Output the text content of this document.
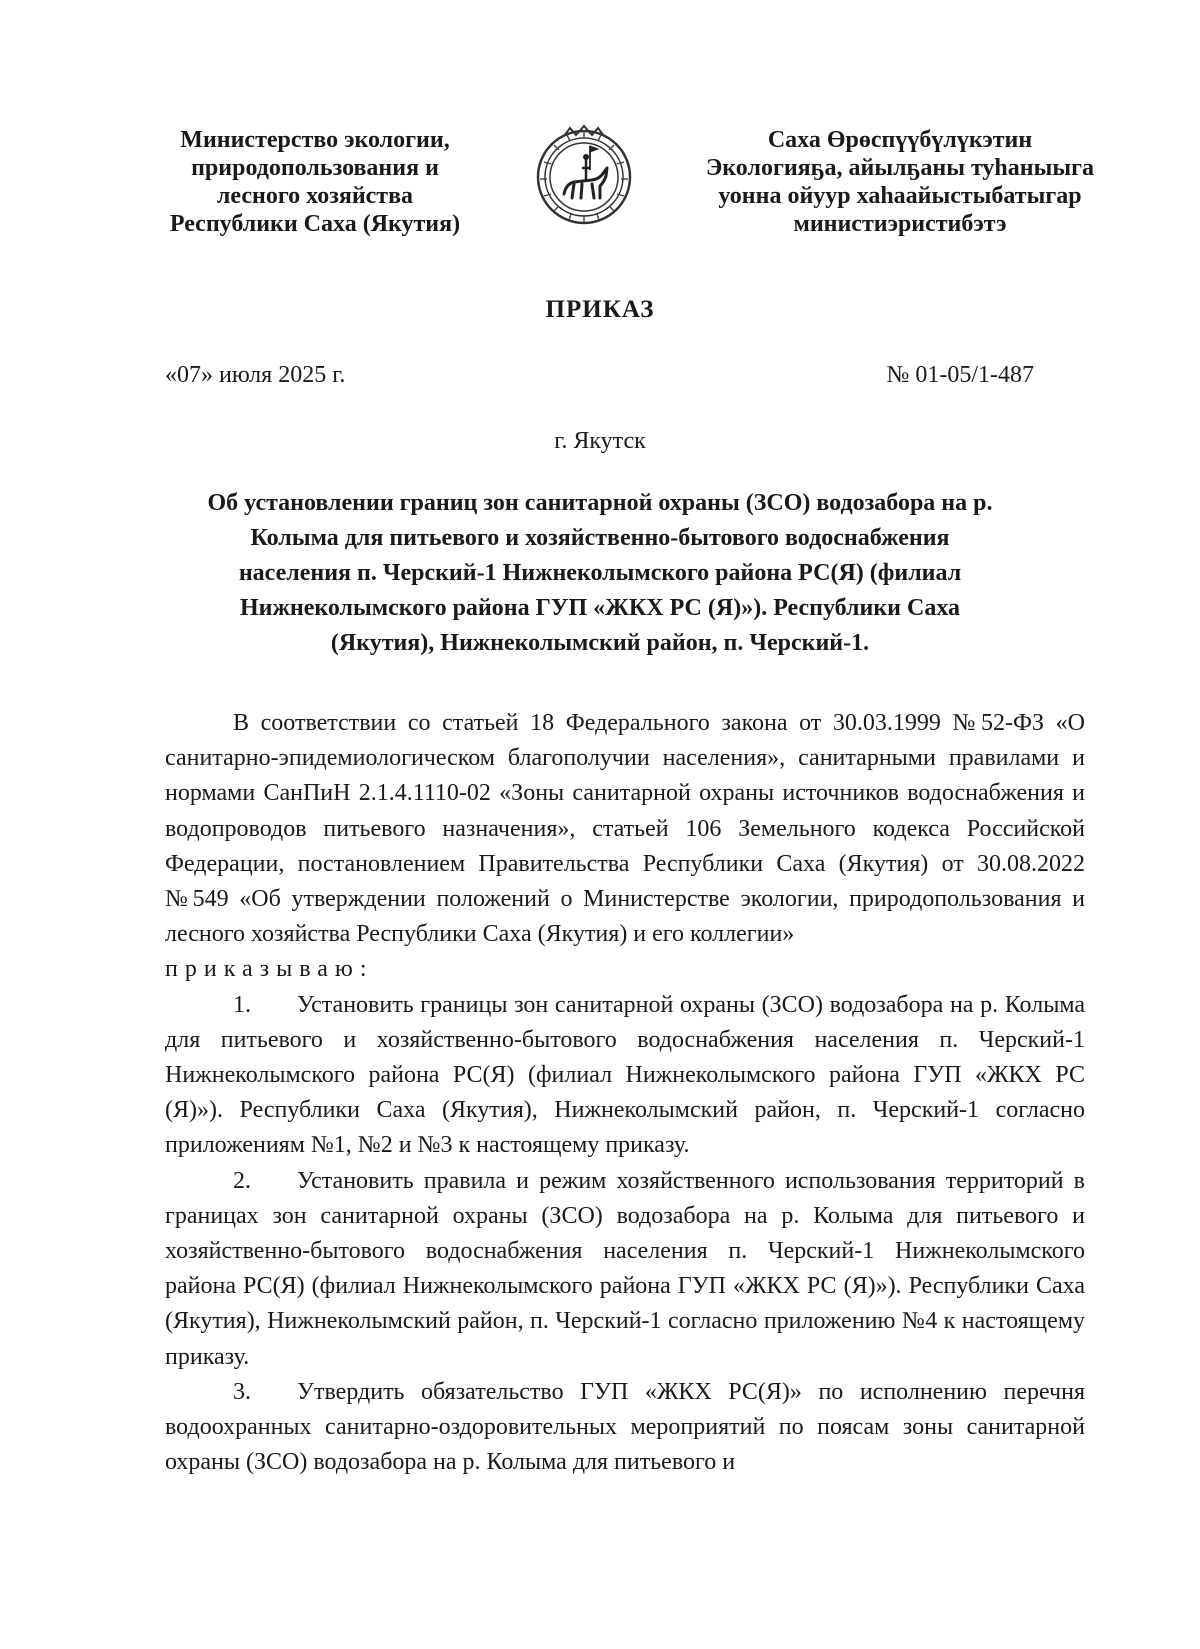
Министерство экологии,
природопользования и
лесного хозяйства
Республики Саха (Якутия)
Саха Өрөспүүбүлүкэтин
Экологияҕа, айылҕаны туһаныыга
уонна ойуур хаһаайыстыбатыгар
министиэристибэтэ
ПРИКАЗ
«07» июля 2025 г.	№ 01-05/1-487
г. Якутск
Об установлении границ зон санитарной охраны (ЗСО) водозабора на р.
Колыма для питьевого и хозяйственно-бытового водоснабжения
населения п. Черский-1 Нижнеколымского района РС(Я) (филиал
Нижнеколымского района ГУП «ЖКХ РС (Я)»). Республики Саха
(Якутия), Нижнеколымский район, п. Черский-1.

В соответствии со статьей 18 Федерального закона от 30.03.1999 №52-ФЗ «О санитарно-эпидемиологическом благополучии населения», санитарными правилами и нормами СанПиН 2.1.4.1110-02 «Зоны санитарной охраны источников водоснабжения и водопроводов питьевого назначения», статьей 106 Земельного кодекса Российской Федерации, постановлением Правительства Республики Саха (Якутия) от 30.08.2022 №549 «Об утверждении положений о Министерстве экологии, природопользования и лесного хозяйства Республики Саха (Якутия) и его коллегии»

приказываю:

1. Установить границы зон санитарной охраны (ЗСО) водозабора на р. Колыма для питьевого и хозяйственно-бытового водоснабжения населения п. Черский-1 Нижнеколымского района РС(Я) (филиал Нижнеколымского района ГУП «ЖКХ РС (Я)»). Республики Саха (Якутия), Нижнеколымский район, п. Черский-1 согласно приложениям №1, №2 и №3 к настоящему приказу.

2. Установить правила и режим хозяйственного использования территорий в границах зон санитарной охраны (ЗСО) водозабора на р. Колыма для питьевого и хозяйственно-бытового водоснабжения населения п. Черский-1 Нижнеколымского района РС(Я) (филиал Нижнеколымского района ГУП «ЖКХ РС (Я)»). Республики Саха (Якутия), Нижнеколымский район, п. Черский-1 согласно приложению №4 к настоящему приказу.

3. Утвердить обязательство ГУП «ЖКХ РС(Я)» по исполнению перечня водоохранных санитарно-оздоровительных мероприятий по поясам зоны санитарной охраны (ЗСО) водозабора на р. Колыма для питьевого и
